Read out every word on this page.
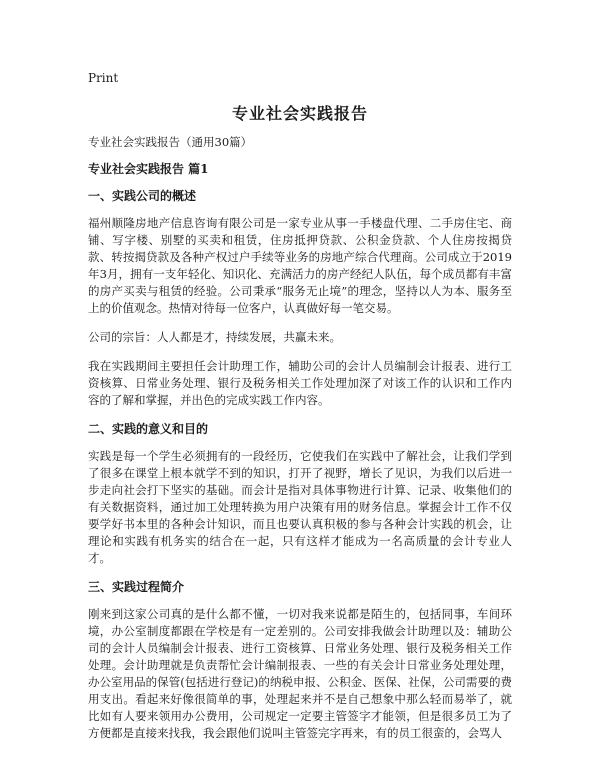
Print
专业社会实践报告
专业社会实践报告（通用30篇）
专业社会实践报告 篇1
一、实践公司的概述

福州顺隆房地产信息咨询有限公司是一家专业从事一手楼盘代理、二手房住宅、商铺、写字楼、别墅的买卖和租赁，住房抵押贷款、公积金贷款、个人住房按揭贷款、转按揭贷款及各种产权过户手续等业务的房地产综合代理商。公司成立于2019年3月，拥有一支年轻化、知识化、充满活力的房产经纪人队伍，每个成员都有丰富的房产买卖与租赁的经验。公司秉承“服务无止境”的理念，坚持以人为本、服务至上的价值观念。热情对待每一位客户，认真做好每一笔交易。

公司的宗旨：人人都是才，持续发展，共赢未来。

我在实践期间主要担任会计助理工作，辅助公司的会计人员编制会计报表、进行工资核算、日常业务处理、银行及税务相关工作处理加深了对该工作的认识和工作内容的了解和掌握，并出色的完成实践工作内容。

二、实践的意义和目的

实践是每一个学生必须拥有的一段经历，它使我们在实践中了解社会，让我们学到了很多在课堂上根本就学不到的知识，打开了视野，增长了见识，为我们以后进一步走向社会打下坚实的基础。而会计是指对具体事物进行计算、记录、收集他们的有关数据资料，通过加工处理转换为用户决策有用的财务信息。掌握会计工作不仅要学好书本里的各种会计知识，而且也要认真积极的参与各种会计实践的机会，让理论和实践有机务实的结合在一起，只有这样才能成为一名高质量的会计专业人才。

三、实践过程简介

刚来到这家公司真的是什么都不懂，一切对我来说都是陌生的，包括同事，车间环境，办公室制度都跟在学校是有一定差别的。公司安排我做会计助理以及：辅助公司的会计人员编制会计报表、进行工资核算、日常业务处理、银行及税务相关工作处理。会计助理就是负责帮忙会计编制报表、一些的有关会计日常业务处理处理，办公室用品的保管(包括进行登记)的纳税申报、公积金、医保、社保，公司需要的费用支出。看起来好像很简单的事，处理起来并不是自己想象中那么轻而易举了，就比如有人要来领用办公费用，公司规定一定要主管签字才能领，但是很多员工为了方便都是直接来找我，我会跟他们说叫主管签完字再来，有的员工很蛮的，会骂人
